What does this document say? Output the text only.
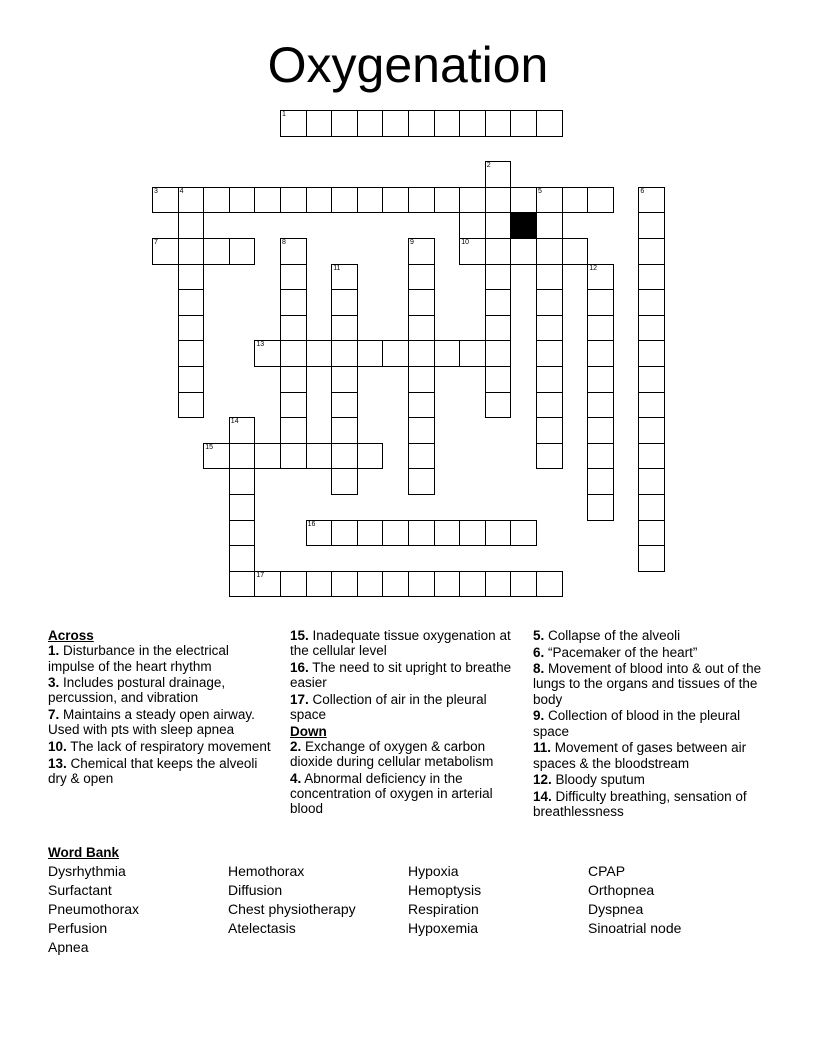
Oxygenation
1
2
3	4	5	6
7	8	9	10
11	12
13
14
15
16
17
Across
1. Disturbance in the electrical impulse of the heart rhythm
3. Includes postural drainage, percussion, and vibration
7. Maintains a steady open airway. Used with pts with sleep apnea
10. The lack of respiratory movement
13. Chemical that keeps the alveoli dry & open
15. Inadequate tissue oxygenation at the cellular level
16. The need to sit upright to breathe easier
17. Collection of air in the pleural space
Down
2. Exchange of oxygen & carbon dioxide during cellular metabolism
4. Abnormal deficiency in the concentration of oxygen in arterial blood
5. Collapse of the alveoli
6. “Pacemaker of the heart”
8. Movement of blood into & out of the lungs to the organs and tissues of the body
9. Collection of blood in the pleural space
11. Movement of gases between air spaces & the bloodstream
12. Bloody sputum
14. Difficulty breathing, sensation of breathlessness
Word Bank
Dysrhythmia
Surfactant
Pneumothorax
Perfusion
Apnea
Hemothorax
Diffusion
Chest physiotherapy
Atelectasis
Hypoxia
Hemoptysis
Respiration
Hypoxemia
CPAP
Orthopnea
Dyspnea
Sinoatrial node
